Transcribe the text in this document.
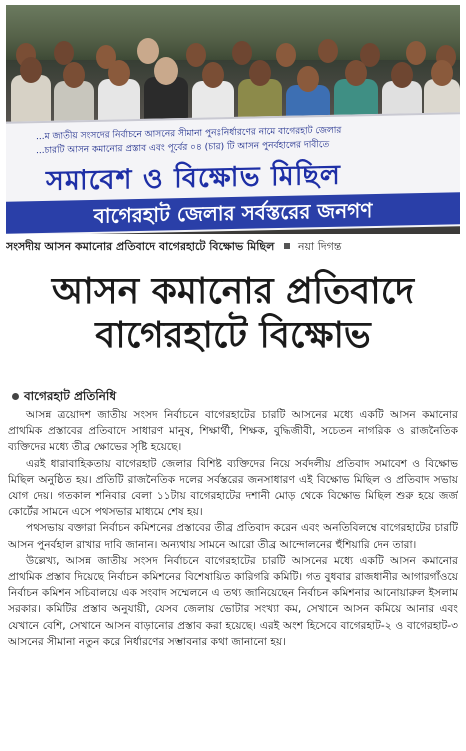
...ম জাতীয় সংসদের নির্বাচনে আসনের সীমানা পুনঃনির্ধারণের নামে বাগেরহাট জেলার
...চারটি আসন কমানোর প্রস্তাব এবং পূর্বের ০৪ (চার) টি আসন পুনর্বহালের দাবীতে
সমাবেশ ও বিক্ষোভ মিছিল
বাগেরহাট জেলার সর্বস্তরের জনগণ
সংসদীয় আসন কমানোর প্রতিবাদে বাগেরহাটে বিক্ষোভ মিছিল নয়া দিগন্ত
আসন কমানোর প্রতিবাদে
বাগেরহাটে বিক্ষোভ
বাগেরহাট প্রতিনিধি

আসন্ন ত্রয়োদশ জাতীয় সংসদ নির্বাচনে বাগেরহাটের চারটি আসনের মধ্যে একটি আসন কমানোর প্রাথমিক প্রস্তাবের প্রতিবাদে সাধারণ মানুষ, শিক্ষার্থী, শিক্ষক, বুদ্ধিজীবী, সচেতন নাগরিক ও রাজনৈতিক ব্যক্তিদের মধ্যে তীব্র ক্ষোভের সৃষ্টি হয়েছে।

এরই ধারাবাহিকতায় বাগেরহাট জেলার বিশিষ্ট ব্যক্তিদের নিয়ে সর্বদলীয় প্রতিবাদ সমাবেশ ও বিক্ষোভ মিছিল অনুষ্ঠিত হয়। প্রতিটি রাজনৈতিক দলের সর্বস্তরের জনসাধারণ এই বিক্ষোভ মিছিল ও প্রতিবাদ সভায় যোগ দেয়। গতকাল শনিবার বেলা ১১টায় বাগেরহাটের দশানী মোড় থেকে বিক্ষোভ মিছিল শুরু হয়ে জর্জ কোর্টের সামনে এসে পথসভার মাধ্যমে শেষ হয়।

পথসভায় বক্তারা নির্বাচন কমিশনের প্রস্তাবের তীব্র প্রতিবাদ করেন এবং অনতিবিলম্বে বাগেরহাটের চারটি আসন পুনর্বহাল রাখার দাবি জানান। অন্যথায় সামনে আরো তীব্র আন্দোলনের হুঁশিয়ারি দেন তারা।

উল্লেখ্য, আসন্ন জাতীয় সংসদ নির্বাচনে বাগেরহাটের চারটি আসনের মধ্যে একটি আসন কমানোর প্রাথমিক প্রস্তাব দিয়েছে নির্বাচন কমিশনের বিশেষায়িত কারিগরি কমিটি। গত বুধবার রাজধানীর আগারগাঁওয়ে নির্বাচন কমিশন সচিবালয়ে এক সংবাদ সম্মেলনে এ তথ্য জানিয়েছেন নির্বাচন কমিশনার আনোয়ারুল ইসলাম সরকার। কমিটির প্রস্তাব অনুযায়ী, যেসব জেলায় ভোটার সংখ্যা কম, সেখানে আসন কমিয়ে আনার এবং যেখানে বেশি, সেখানে আসন বাড়ানোর প্রস্তাব করা হয়েছে। এরই অংশ হিসেবে বাগেরহাট-২ ও বাগেরহাট-৩ আসনের সীমানা নতুন করে নির্ধারণের সম্ভাবনার কথা জানানো হয়।
